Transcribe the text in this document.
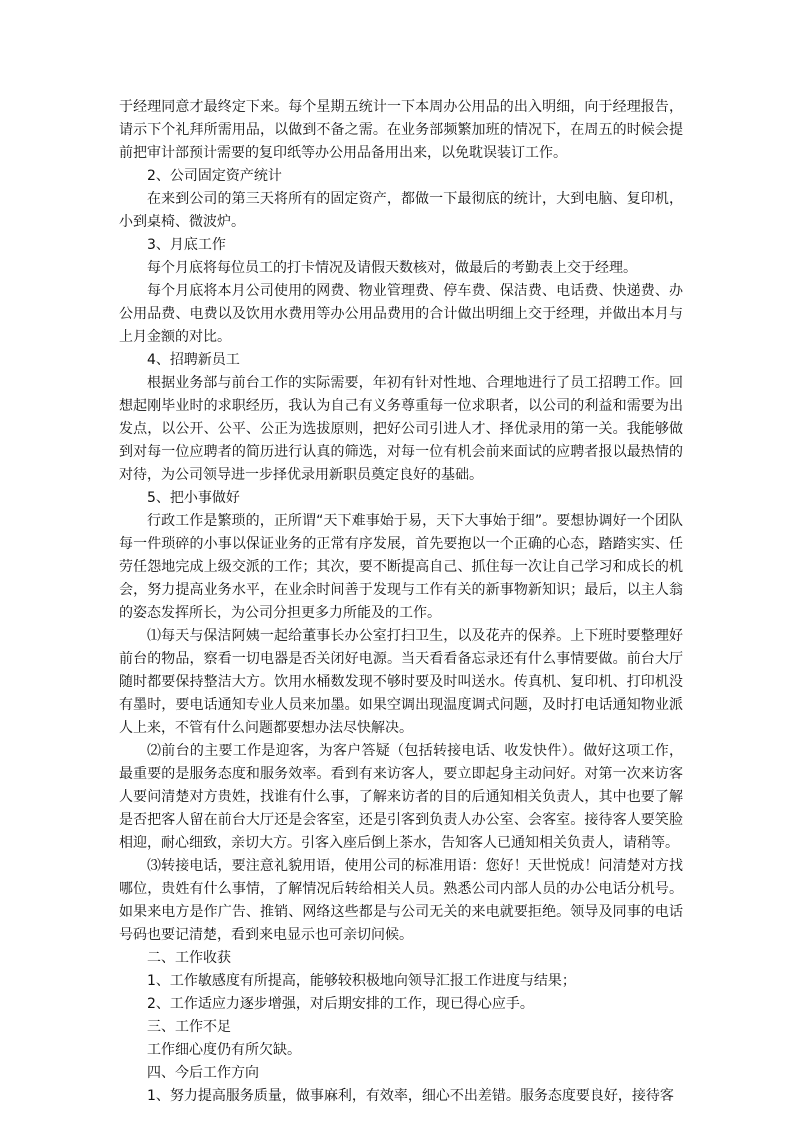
于经理同意才最终定下来。每个星期五统计一下本周办公用品的出入明细，向于经理报告，请示下个礼拜所需用品，以做到不备之需。在业务部频繁加班的情况下，在周五的时候会提前把审计部预计需要的复印纸等办公用品备用出来，以免耽误装订工作。

2、公司固定资产统计

在来到公司的第三天将所有的固定资产，都做一下最彻底的统计，大到电脑、复印机，小到桌椅、微波炉。

3、月底工作

每个月底将每位员工的打卡情况及请假天数核对，做最后的考勤表上交于经理。

每个月底将本月公司使用的网费、物业管理费、停车费、保洁费、电话费、快递费、办公用品费、电费以及饮用水费用等办公用品费用的合计做出明细上交于经理，并做出本月与上月金额的对比。

4、招聘新员工

根据业务部与前台工作的实际需要，年初有针对性地、合理地进行了员工招聘工作。回想起刚毕业时的求职经历，我认为自己有义务尊重每一位求职者，以公司的利益和需要为出发点，以公开、公平、公正为选拔原则，把好公司引进人才、择优录用的第一关。我能够做到对每一位应聘者的简历进行认真的筛选，对每一位有机会前来面试的应聘者报以最热情的对待，为公司领导进一步择优录用新职员奠定良好的基础。

5、把小事做好

行政工作是繁琐的，正所谓“天下难事始于易，天下大事始于细”。要想协调好一个团队每一件琐碎的小事以保证业务的正常有序发展，首先要抱以一个正确的心态，踏踏实实、任劳任怨地完成上级交派的工作；其次，要不断提高自己、抓住每一次让自己学习和成长的机会，努力提高业务水平，在业余时间善于发现与工作有关的新事物新知识；最后，以主人翁的姿态发挥所长，为公司分担更多力所能及的工作。

⑴每天与保洁阿姨一起给董事长办公室打扫卫生，以及花卉的保养。上下班时要整理好前台的物品，察看一切电器是否关闭好电源。当天看看备忘录还有什么事情要做。前台大厅随时都要保持整洁大方。饮用水桶数发现不够时要及时叫送水。传真机、复印机、打印机没有墨时，要电话通知专业人员来加墨。如果空调出现温度调式问题，及时打电话通知物业派人上来，不管有什么问题都要想办法尽快解决。

⑵前台的主要工作是迎客，为客户答疑（包括转接电话、收发快件）。做好这项工作，最重要的是服务态度和服务效率。看到有来访客人，要立即起身主动问好。对第一次来访客人要问清楚对方贵姓，找谁有什么事，了解来访者的目的后通知相关负责人，其中也要了解是否把客人留在前台大厅还是会客室，还是引客到负责人办公室、会客室。接待客人要笑脸相迎，耐心细致，亲切大方。引客入座后倒上茶水，告知客人已通知相关负责人，请稍等。

⑶转接电话，要注意礼貌用语，使用公司的标准用语：您好！天世悦成！问清楚对方找哪位，贵姓有什么事情，了解情况后转给相关人员。熟悉公司内部人员的办公电话分机号。如果来电方是作广告、推销、网络这些都是与公司无关的来电就要拒绝。领导及同事的电话号码也要记清楚，看到来电显示也可亲切问候。

二、工作收获

1、工作敏感度有所提高，能够较积极地向领导汇报工作进度与结果；

2、工作适应力逐步增强，对后期安排的工作，现已得心应手。

三、工作不足

工作细心度仍有所欠缺。

四、今后工作方向

1、努力提高服务质量，做事麻利，有效率，细心不出差错。服务态度要良好，接待客
